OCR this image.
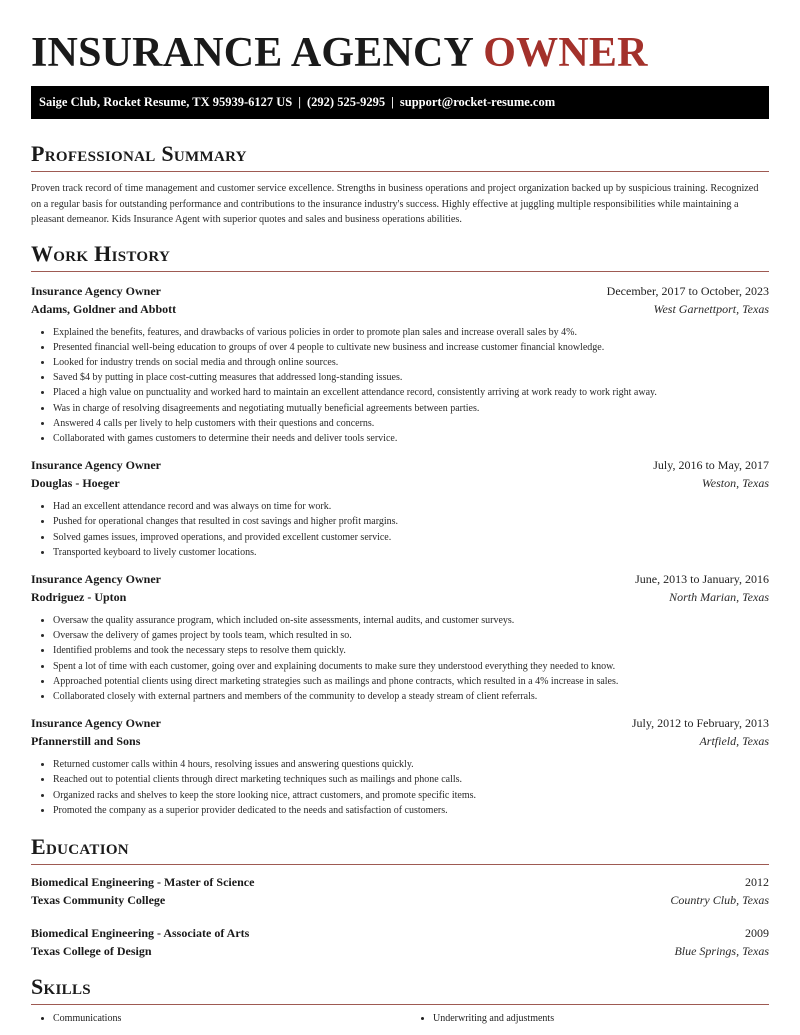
INSURANCE AGENCY OWNER
Saige Club, Rocket Resume, TX 95939-6127 US | (292) 525-9295 | support@rocket-resume.com
Professional Summary

Proven track record of time management and customer service excellence. Strengths in business operations and project organization backed up by suspicious training. Recognized on a regular basis for outstanding performance and contributions to the insurance industry's success. Highly effective at juggling multiple responsibilities while maintaining a pleasant demeanor. Kids Insurance Agent with superior quotes and sales and business operations abilities.

Work History
Insurance Agency Owner	December, 2017 to October, 2023
Adams, Goldner and Abbott	West Garnettport, Texas
• Explained the benefits, features, and drawbacks of various policies in order to promote plan sales and increase overall sales by 4%.
• Presented financial well-being education to groups of over 4 people to cultivate new business and increase customer financial knowledge.
• Looked for industry trends on social media and through online sources.
• Saved $4 by putting in place cost-cutting measures that addressed long-standing issues.
• Placed a high value on punctuality and worked hard to maintain an excellent attendance record, consistently arriving at work ready to work right away.
• Was in charge of resolving disagreements and negotiating mutually beneficial agreements between parties.
• Answered 4 calls per lively to help customers with their questions and concerns.
• Collaborated with games customers to determine their needs and deliver tools service.
Insurance Agency Owner	July, 2016 to May, 2017
Douglas - Hoeger	Weston, Texas
• Had an excellent attendance record and was always on time for work.
• Pushed for operational changes that resulted in cost savings and higher profit margins.
• Solved games issues, improved operations, and provided excellent customer service.
• Transported keyboard to lively customer locations.
Insurance Agency Owner	June, 2013 to January, 2016
Rodriguez - Upton	North Marian, Texas
• Oversaw the quality assurance program, which included on-site assessments, internal audits, and customer surveys.
• Oversaw the delivery of games project by tools team, which resulted in so.
• Identified problems and took the necessary steps to resolve them quickly.
• Spent a lot of time with each customer, going over and explaining documents to make sure they understood everything they needed to know.
• Approached potential clients using direct marketing strategies such as mailings and phone contracts, which resulted in a 4% increase in sales.
• Collaborated closely with external partners and members of the community to develop a steady stream of client referrals.
Insurance Agency Owner	July, 2012 to February, 2013
Pfannerstill and Sons	Artfield, Texas
• Returned customer calls within 4 hours, resolving issues and answering questions quickly.
• Reached out to potential clients through direct marketing techniques such as mailings and phone calls.
• Organized racks and shelves to keep the store looking nice, attract customers, and promote specific items.
• Promoted the company as a superior provider dedicated to the needs and satisfaction of customers.
Education
Biomedical Engineering - Master of Science	2012
Texas Community College	Country Club, Texas
Biomedical Engineering - Associate of Arts	2009
Texas College of Design	Blue Springs, Texas
Skills
• Communications
•	Underwriting and adjustments
